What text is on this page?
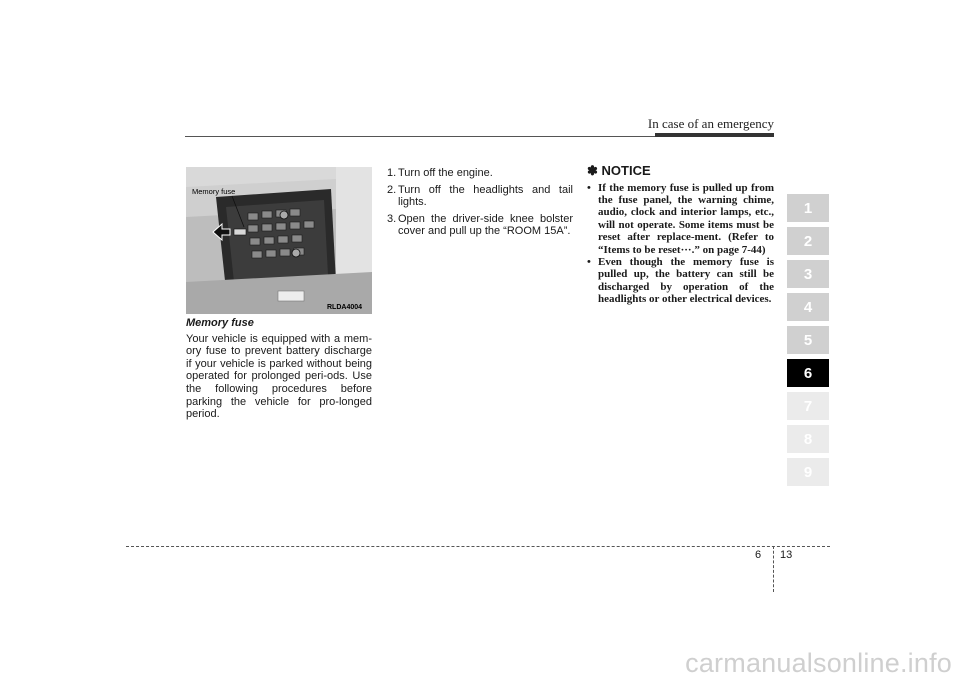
In case of an emergency
Memory fuse
RLDA4004

Memory fuse

Your vehicle is equipped with a mem-ory fuse to prevent battery discharge if your vehicle is parked without being operated for prolonged peri-ods. Use the following procedures before parking the vehicle for pro-longed period.

1. Turn off the engine.
2. Turn off the headlights and tail lights.
3. Open the driver-side knee bolster cover and pull up the “ROOM 15A”.
✽ NOTICE
• If the memory fuse is pulled up from the fuse panel, the warning chime, audio, clock and interior lamps, etc., will not operate. Some items must be reset after replace-ment. (Refer to “Items to be reset···.” on page 7-44)
• Even though the memory fuse is pulled up, the battery can still be discharged by operation of the headlights or other electrical devices.
1
2
3
4
5
6
7
8
9
6 13
carmanualsonline.info
